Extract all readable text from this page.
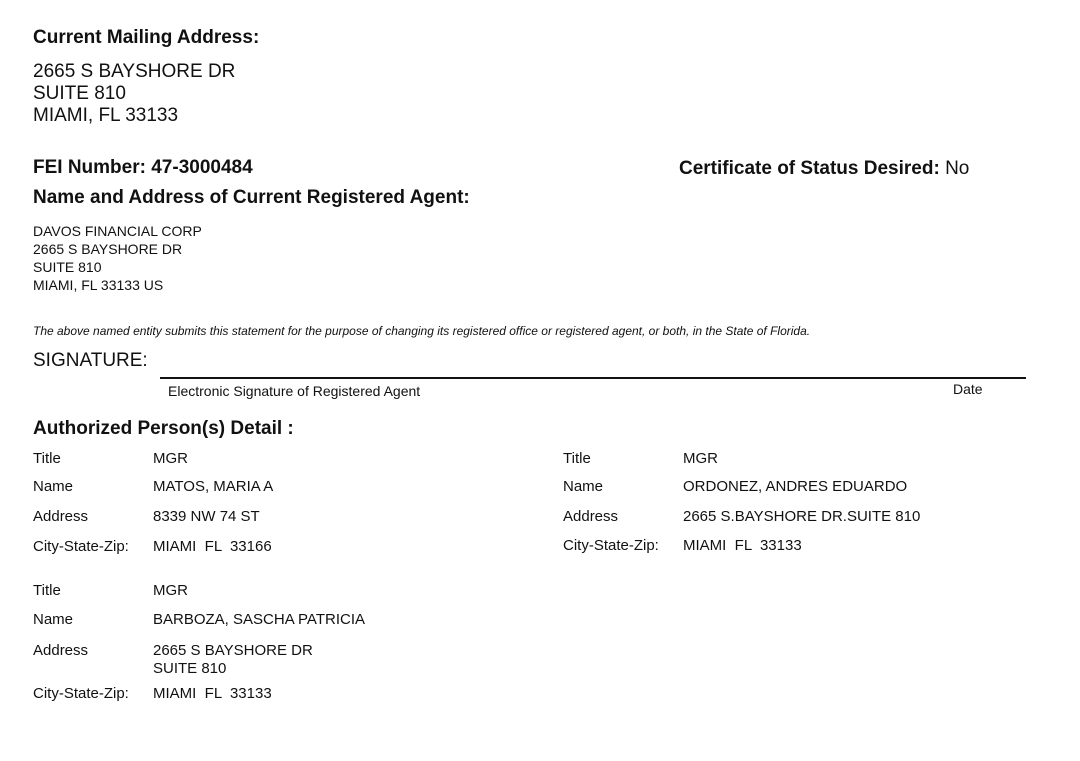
Current Mailing Address:
2665 S BAYSHORE DR
SUITE 810
MIAMI, FL 33133
FEI Number: 47-3000484	Certificate of Status Desired: No
Name and Address of Current Registered Agent:
DAVOS FINANCIAL CORP
2665 S BAYSHORE DR
SUITE 810
MIAMI, FL 33133 US
The above named entity submits this statement for the purpose of changing its registered office or registered agent, or both, in the State of Florida.
SIGNATURE:
Electronic Signature of Registered Agent	Date
Authorized Person(s) Detail :
Title	MGR
Name	MATOS, MARIA A
Address	8339 NW 74 ST
City-State-Zip: MIAMI  FL  33166
Title	MGR
Name	ORDONEZ, ANDRES EDUARDO
Address	2665 S.BAYSHORE DR.SUITE 810
City-State-Zip: MIAMI  FL  33133
Title	MGR
Name	BARBOZA, SASCHA PATRICIA
Address	2665 S BAYSHORE DR
SUITE 810
City-State-Zip: MIAMI  FL  33133
